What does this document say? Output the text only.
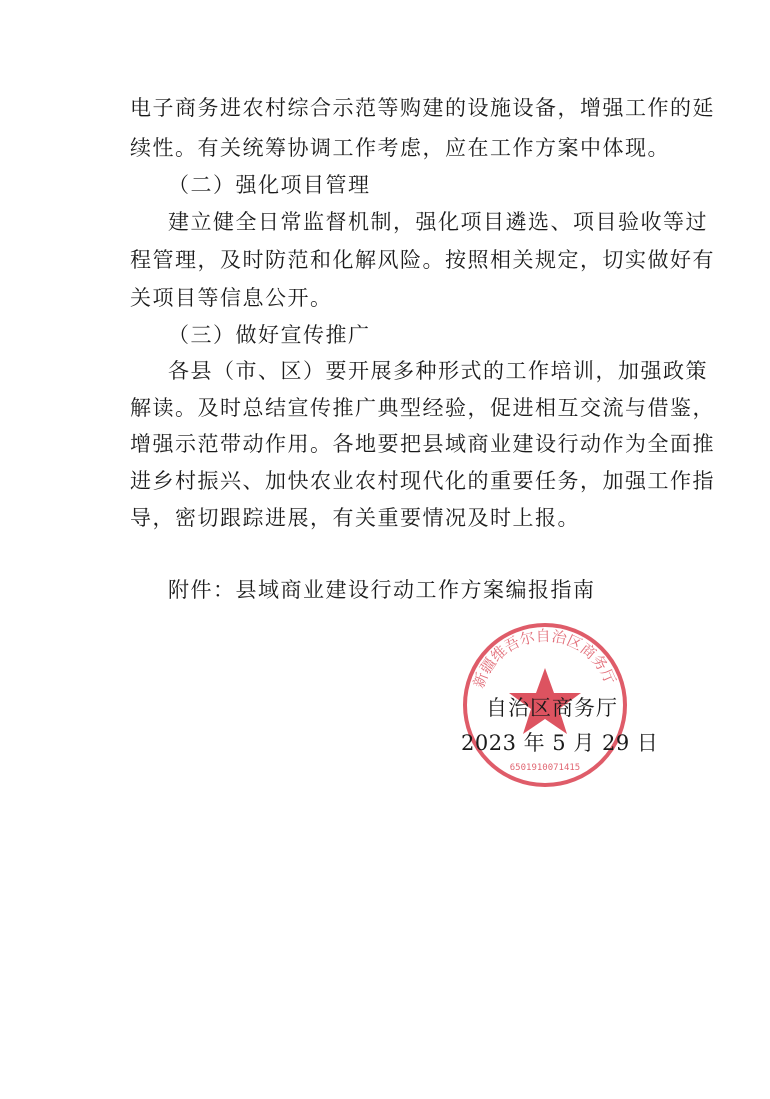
电子商务进农村综合示范等购建的设施设备，增强工作的延
续性。有关统筹协调工作考虑，应在工作方案中体现。
（二）强化项目管理
建立健全日常监督机制，强化项目遴选、项目验收等过
程管理，及时防范和化解风险。按照相关规定，切实做好有
关项目等信息公开。
（三）做好宣传推广
各县（市、区）要开展多种形式的工作培训，加强政策
解读。及时总结宣传推广典型经验，促进相互交流与借鉴，
增强示范带动作用。各地要把县域商业建设行动作为全面推
进乡村振兴、加快农业农村现代化的重要任务，加强工作指
导，密切跟踪进展，有关重要情况及时上报。
附件：县域商业建设行动工作方案编报指南
新疆维吾尔自治区商务厅
6501910071415
自治区商务厅
2023 年 5 月 29 日
